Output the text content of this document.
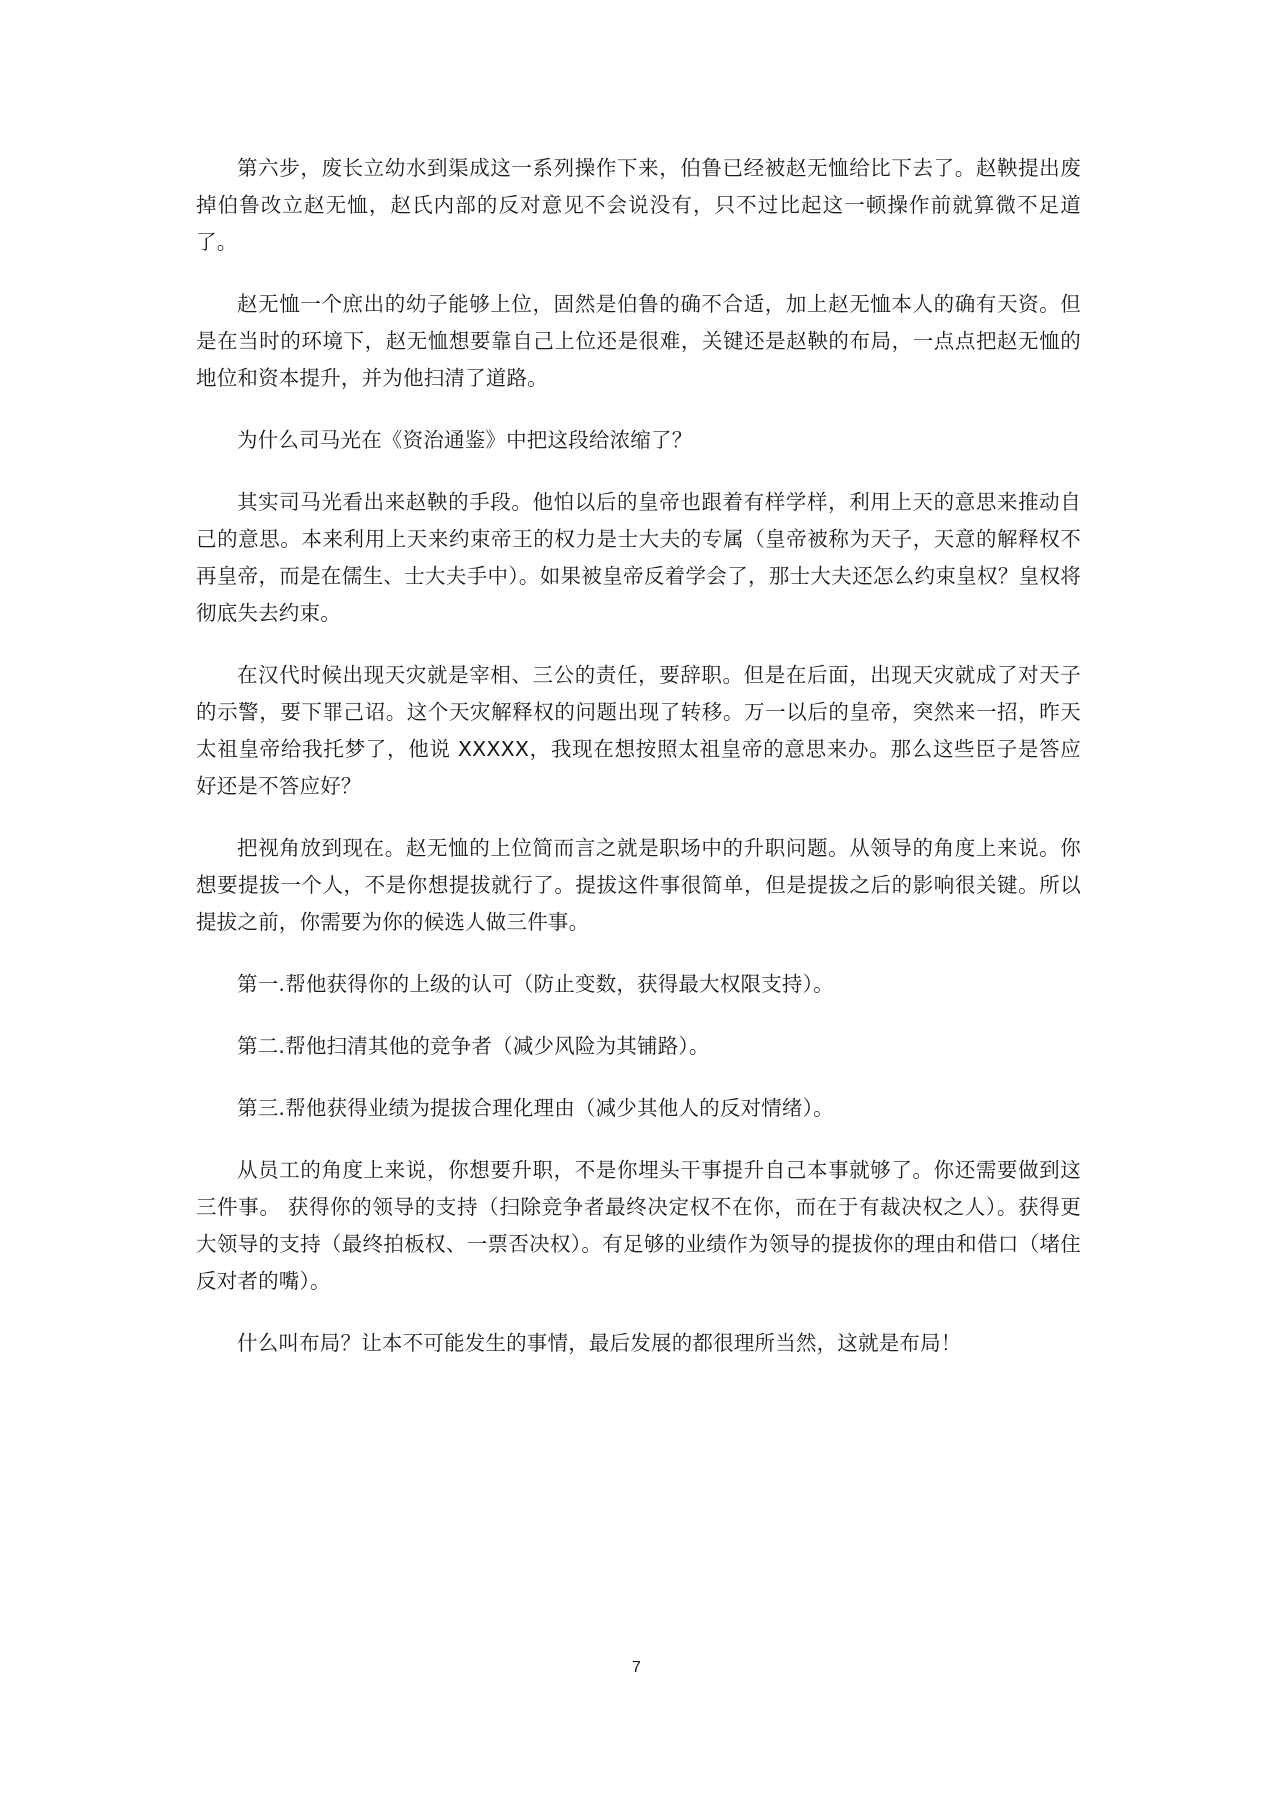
第六步，废长立幼水到渠成这一系列操作下来，伯鲁已经被赵无恤给比下去了。赵鞅提出废掉伯鲁改立赵无恤，赵氏内部的反对意见不会说没有，只不过比起这一顿操作前就算微不足道了。

赵无恤一个庶出的幼子能够上位，固然是伯鲁的确不合适，加上赵无恤本人的确有天资。但是在当时的环境下，赵无恤想要靠自己上位还是很难，关键还是赵鞅的布局，一点点把赵无恤的地位和资本提升，并为他扫清了道路。

为什么司马光在《资治通鉴》中把这段给浓缩了？

其实司马光看出来赵鞅的手段。他怕以后的皇帝也跟着有样学样，利用上天的意思来推动自己的意思。本来利用上天来约束帝王的权力是士大夫的专属（皇帝被称为天子，天意的解释权不再皇帝，而是在儒生、士大夫手中）。如果被皇帝反着学会了，那士大夫还怎么约束皇权？皇权将彻底失去约束。

在汉代时候出现天灾就是宰相、三公的责任，要辞职。但是在后面，出现天灾就成了对天子的示警，要下罪己诏。这个天灾解释权的问题出现了转移。万一以后的皇帝，突然来一招，昨天太祖皇帝给我托梦了，他说 XXXXX，我现在想按照太祖皇帝的意思来办。那么这些臣子是答应好还是不答应好？

把视角放到现在。赵无恤的上位简而言之就是职场中的升职问题。从领导的角度上来说。你想要提拔一个人，不是你想提拔就行了。提拔这件事很简单，但是提拔之后的影响很关键。所以提拔之前，你需要为你的候选人做三件事。

第一.帮他获得你的上级的认可（防止变数，获得最大权限支持）。

第二.帮他扫清其他的竞争者（减少风险为其铺路）。

第三.帮他获得业绩为提拔合理化理由（减少其他人的反对情绪）。

从员工的角度上来说，你想要升职，不是你埋头干事提升自己本事就够了。你还需要做到这三件事。 获得你的领导的支持（扫除竞争者最终决定权不在你，而在于有裁决权之人）。获得更大领导的支持（最终拍板权、一票否决权）。有足够的业绩作为领导的提拔你的理由和借口（堵住反对者的嘴）。

什么叫布局？让本不可能发生的事情，最后发展的都很理所当然，这就是布局！

7
